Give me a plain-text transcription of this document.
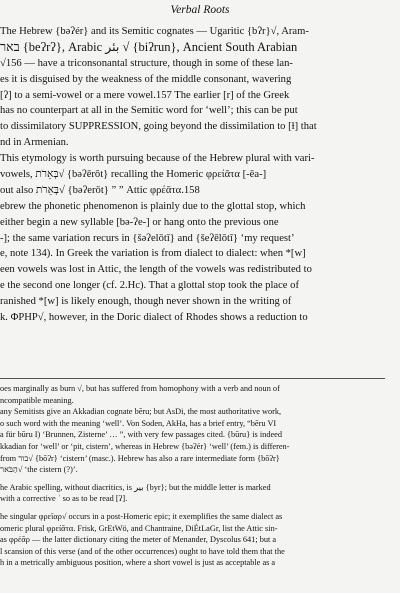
Verbal Roots
The Hebrew {bəʔér} and its Semitic cognates — Ugaritic {bʔr}√, Aram-
באר {beʔrʔ}, Arabic بئر √ {biʔrun}, Ancient South Arabian
√156 — have a triconsonantal structure, though in some of these lan-
es it is disguised by the weakness of the middle consonant, wavering
[ʔ] to a semi-vowel or a mere vowel.157 The earlier [r] of the Greek
has no counterpart at all in the Semitic word for ‘well’; this can be put
to dissimilatory SUPPRESSION, going beyond the dissimilation to [ɫ] that
nd in Armenian.
This etymology is worth pursuing because of the Hebrew plural with vari-
vowels, בְּאֵרֹת√ {bəʔērōt} recalling the Homeric φρείᾱτα [-ēa-]
out also בְּאֵרֹת√ {bəʔerōt} ” ” Attic φρέᾱτα.158
ebrew the phonetic phenomenon is plainly due to the glottal stop, which
either begin a new syllable [bə-ʔe-] or hang onto the previous one
-]; the same variation recurs in {šəʔelōtī} and {šeʔēlōtī} ‘my request’
e, note 134). In Greek the variation is from dialect to dialect: when *[w]
een vowels was lost in Attic, the length of the vowels was redistributed to
e the second one longer (cf. 2.Hc). That a glottal stop took the place of
ranished *[w] is likely enough, though never shown in the writing of
k. ΦΡΗΡ√, however, in the Doric dialect of Rhodes shows a reduction to
oes marginally as burn √, but has suffered from homophony with a verb and noun of
ncompatible meaning.
any Semitists give an Akkadian cognate bēru; but AsDi, the most authoritative work,
o such word with the meaning ‘well’. Von Soden, AkHa, has a brief entry, “bēru VI
a für būru I) ‘Brunnen, Zisterne’ … ”, with very few passages cited. {būru} is indeed
kkadian for ‘well’ or ‘pit, cistern’, whereas in Hebrew {bəʔér} ‘well’ (fem.) is differen-
from בור√ {bōʔr} ‘cistern’ (masc.). Hebrew has also a rare intermediate form {bōʔr}
הַבֹּאר√ ‘the cistern (?)’.
he Arabic spelling, without diacritics, is بير {byr}; but the middle letter is marked
with a corrective ʾ so as to be read [ʔ].
he singular φρεῖαρ√ occurs in a post-Homeric epic; it exemplifies the same dialect as
omeric plural φρείᾱτα. Frisk, GrEtWö, and Chantraine, DiÉtLaGr, list the Attic sin-
as φρέᾱρ — the latter dictionary citing the meter of Menander, Dyscolus 641; but a
l scansion of this verse (and of the other occurrences) ought to have told them that the
h in a metrically ambiguous position, where a short vowel is just as acceptable as a
